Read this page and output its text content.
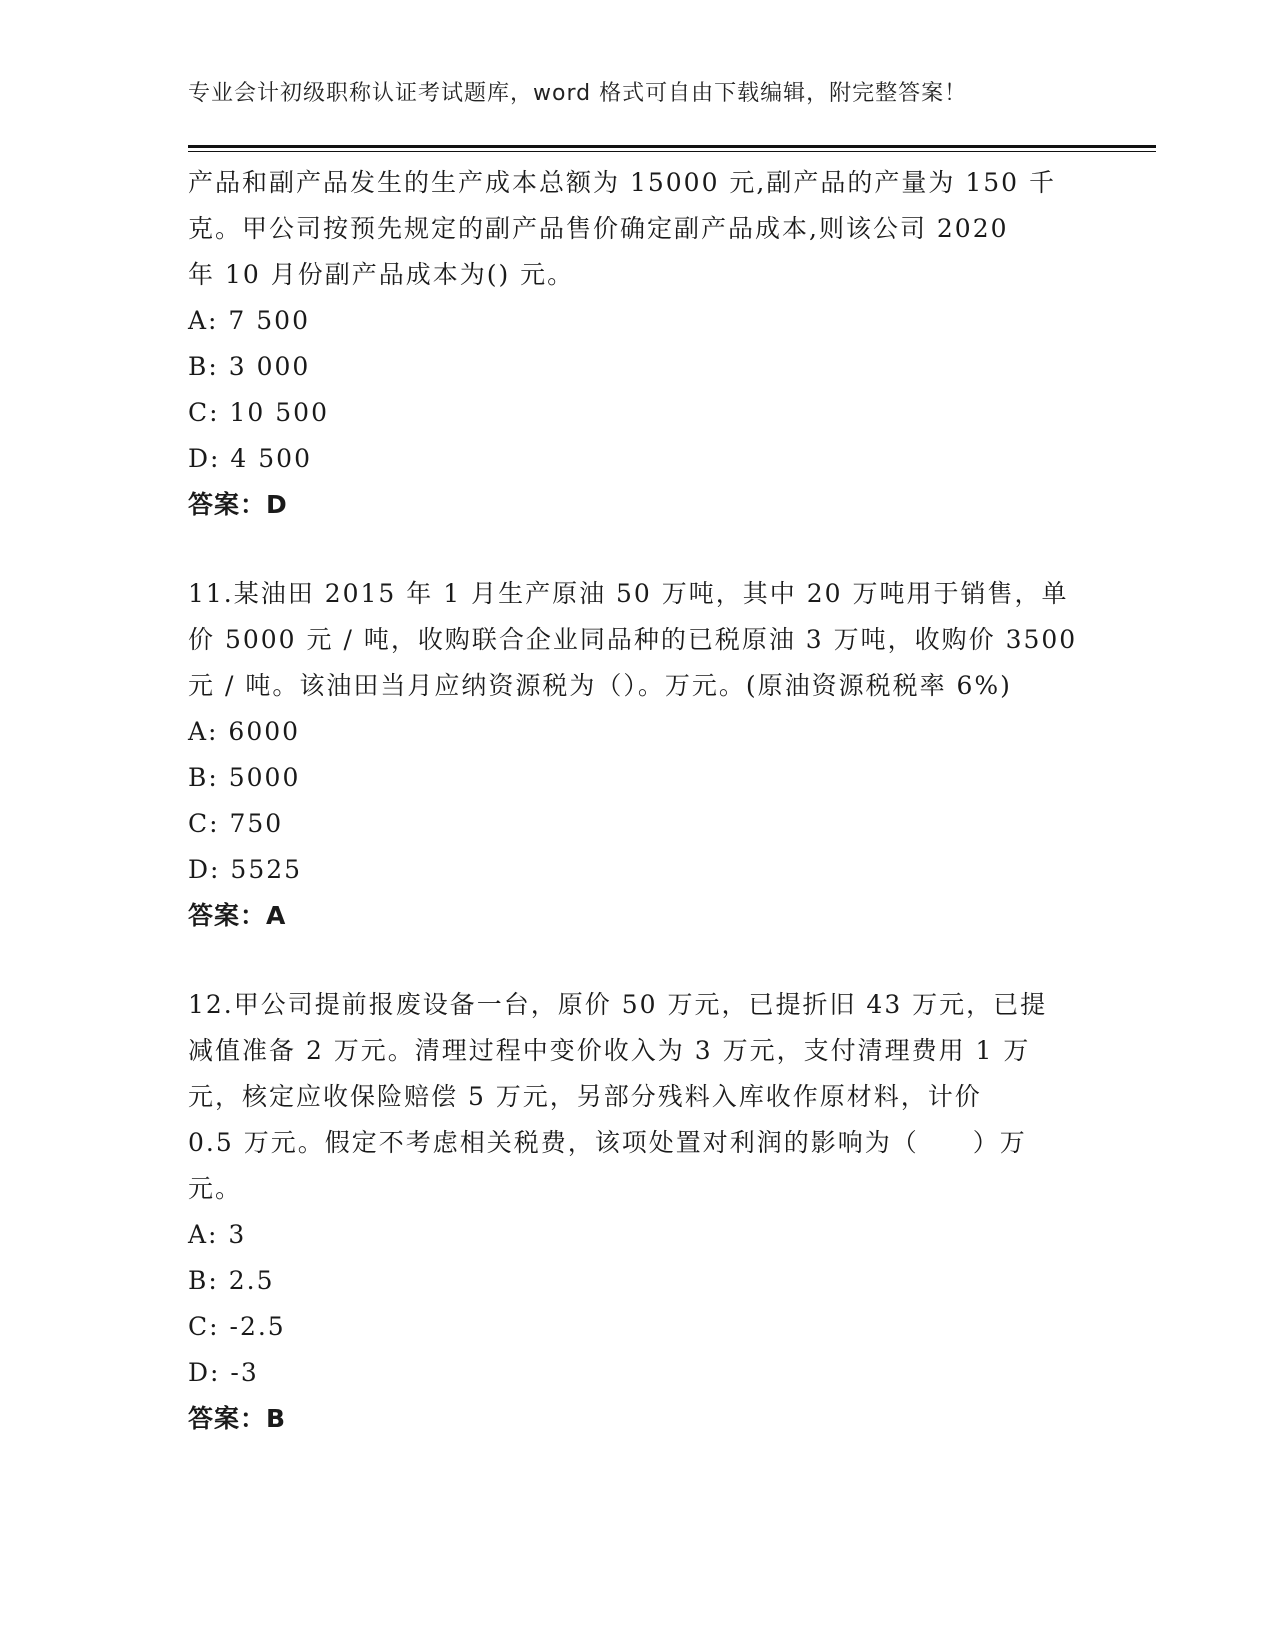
专业会计初级职称认证考试题库，word 格式可自由下载编辑，附完整答案！
产品和副产品发生的生产成本总额为 15000 元,副产品的产量为 150 千
克。甲公司按预先规定的副产品售价确定副产品成本,则该公司 2020
年 10 月份副产品成本为() 元。
A: 7 500
B: 3 000
C: 10 500
D: 4 500
答案：D
11.某油田 2015 年 1 月生产原油 50 万吨，其中 20 万吨用于销售，单
价 5000 元 / 吨，收购联合企业同品种的已税原油 3 万吨，收购价 3500
元 / 吨。该油田当月应纳资源税为（）。万元。(原油资源税税率 6%)
A: 6000
B: 5000
C: 750
D: 5525
答案：A
12.甲公司提前报废设备一台，原价 50 万元，已提折旧 43 万元，已提
减值准备 2 万元。清理过程中变价收入为 3 万元，支付清理费用 1 万
元，核定应收保险赔偿 5 万元，另部分残料入库收作原材料，计价
0.5 万元。假定不考虑相关税费，该项处置对利润的影响为（　　）万
元。
A: 3
B: 2.5
C: -2.5
D: -3
答案：B
